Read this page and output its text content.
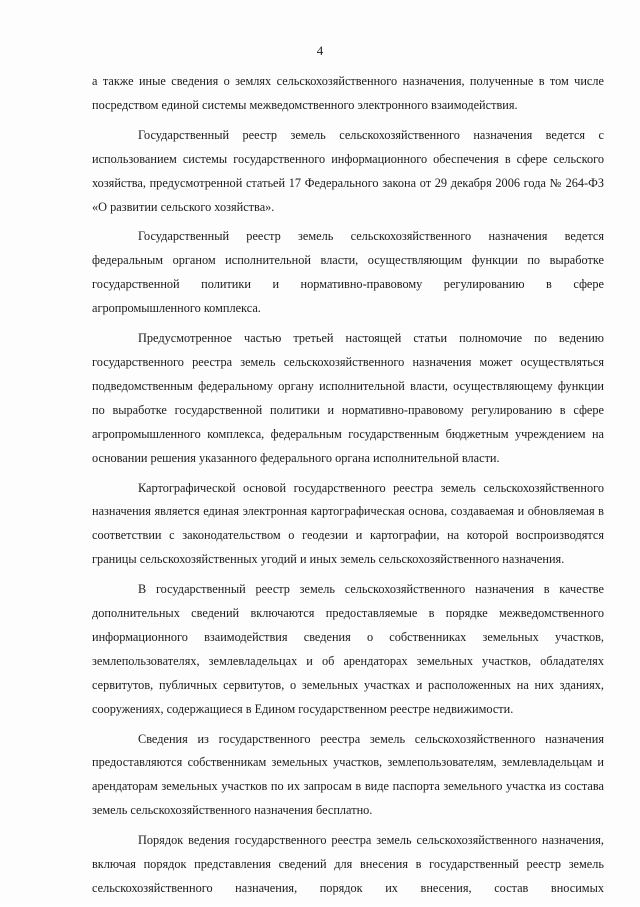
4

а также иные сведения о землях сельскохозяйственного назначения, полученные в том числе посредством единой системы межведомственного электронного взаимодействия.

Государственный реестр земель сельскохозяйственного назначения ведется с использованием системы государственного информационного обеспечения в сфере сельского хозяйства, предусмотренной статьей 17 Федерального закона от 29 декабря 2006 года № 264-ФЗ «О развитии сельского хозяйства».

Государственный реестр земель сельскохозяйственного назначения ведется федеральным органом исполнительной власти, осуществляющим функции по выработке государственной политики и нормативно-правовому регулированию в сфере агропромышленного комплекса.

Предусмотренное частью третьей настоящей статьи полномочие по ведению государственного реестра земель сельскохозяйственного назначения может осуществляться подведомственным федеральному органу исполнительной власти, осуществляющему функции по выработке государственной политики и нормативно-правовому регулированию в сфере агропромышленного комплекса, федеральным государственным бюджетным учреждением на основании решения указанного федерального органа исполнительной власти.

Картографической основой государственного реестра земель сельскохозяйственного назначения является единая электронная картографическая основа, создаваемая и обновляемая в соответствии с законодательством о геодезии и картографии, на которой воспроизводятся границы сельскохозяйственных угодий и иных земель сельскохозяйственного назначения.

В государственный реестр земель сельскохозяйственного назначения в качестве дополнительных сведений включаются предоставляемые в порядке межведомственного информационного взаимодействия сведения о собственниках земельных участков, землепользователях, землевладельцах и об арендаторах земельных участков, обладателях сервитутов, публичных сервитутов, о земельных участках и расположенных на них зданиях, сооружениях, содержащиеся в Едином государственном реестре недвижимости.

Сведения из государственного реестра земель сельскохозяйственного назначения предоставляются собственникам земельных участков, землепользователям, землевладельцам и арендаторам земельных участков по их запросам в виде паспорта земельного участка из состава земель сельскохозяйственного назначения бесплатно.

Порядок ведения государственного реестра земель сельскохозяйственного назначения, включая порядок представления сведений для внесения в государственный реестр земель сельскохозяйственного назначения, порядок их внесения, состав вносимых
